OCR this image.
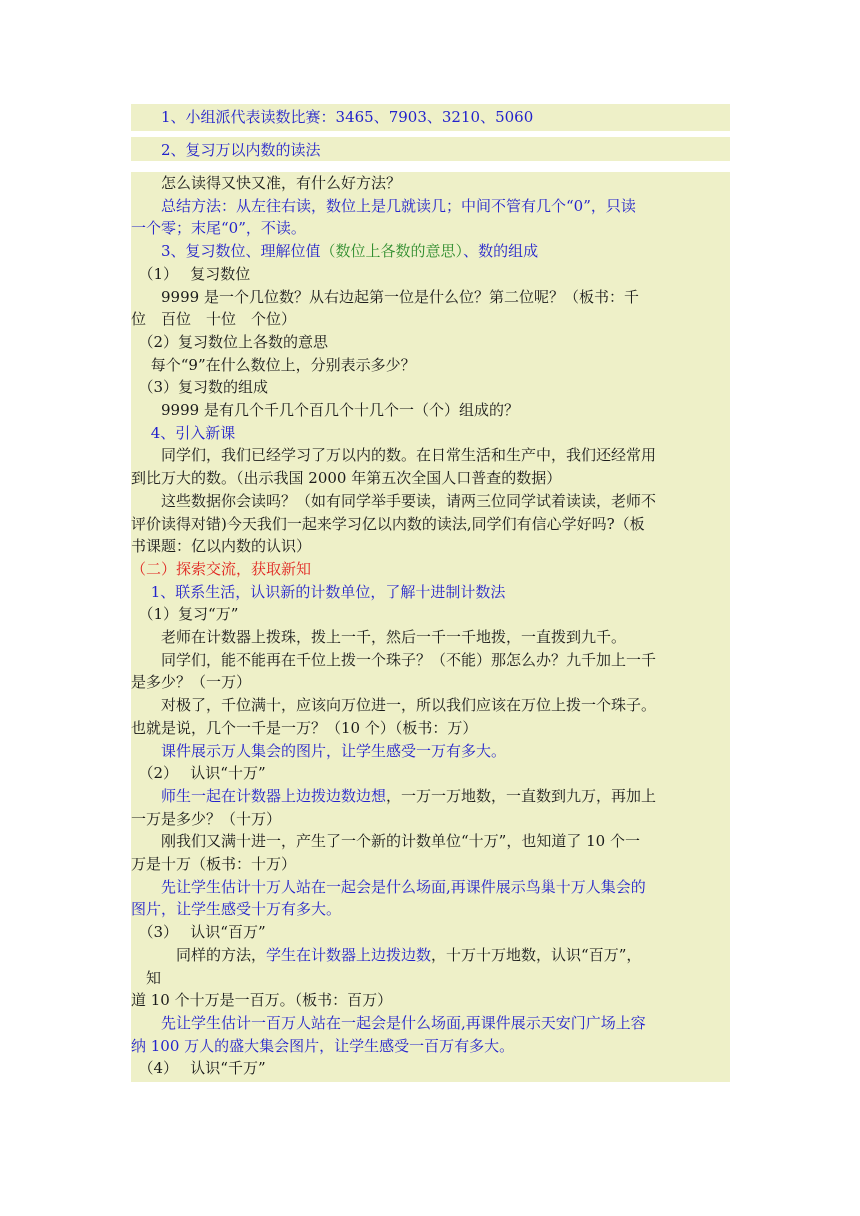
1、小组派代表读数比赛：3465、7903、3210、5060
2、复习万以内数的读法
　　怎么读得又快又准，有什么好方法？
　　总结方法：从左往右读，数位上是几就读几；中间不管有几个“0”，只读
一个零；末尾“0”，不读。
　　3、复习数位、理解位值（数位上各数的意思）、数的组成
　（1）　 复习数位
　　9999 是一个几位数？从右边起第一位是什么位？第二位呢？（板书：千
位　百位　十位　个位）
　（2）复习数位上各数的意思
　 每个“9”在什么数位上，分别表示多少？
　（3）复习数的组成
　　9999 是有几个千几个百几个十几个一（个）组成的？
　 4、引入新课
　　同学们，我们已经学习了万以内的数。在日常生活和生产中，我们还经常用
到比万大的数。（出示我国 2000 年第五次全国人口普查的数据）
　　这些数据你会读吗？（如有同学举手要读，请两三位同学试着读读，老师不
评价读得对错)今天我们一起来学习亿以内数的读法,同学们有信心学好吗?（板
书课题：亿以内数的认识）
（二）探索交流，获取新知
　 1、联系生活，认识新的计数单位，了解十进制计数法
　（1）复习“万”
　　老师在计数器上拨珠，拨上一千，然后一千一千地拨，一直拨到九千。
　　同学们，能不能再在千位上拨一个珠子？（不能）那怎么办？九千加上一千
是多少？（一万）
　　对极了，千位满十，应该向万位进一，所以我们应该在万位上拨一个珠子。
也就是说，几个一千是一万？（10 个）（板书：万）
　　课件展示万人集会的图片，让学生感受一万有多大。
　（2）　 认识“十万”
　　师生一起在计数器上边拨边数边想，一万一万地数，一直数到九万，再加上
一万是多少？（十万）
　　刚我们又满十进一，产生了一个新的计数单位“十万”，也知道了 10 个一
万是十万（板书：十万）
　　先让学生估计十万人站在一起会是什么场面,再课件展示鸟巢十万人集会的
图片，让学生感受十万有多大。
　（3）　 认识“百万”
　　　同样的方法，学生在计数器上边拨边数，十万十万地数，认识“百万”，
　知
道 10 个十万是一百万。（板书：百万）
　　先让学生估计一百万人站在一起会是什么场面,再课件展示天安门广场上容
纳 100 万人的盛大集会图片，让学生感受一百万有多大。
　（4）　 认识“千万”
